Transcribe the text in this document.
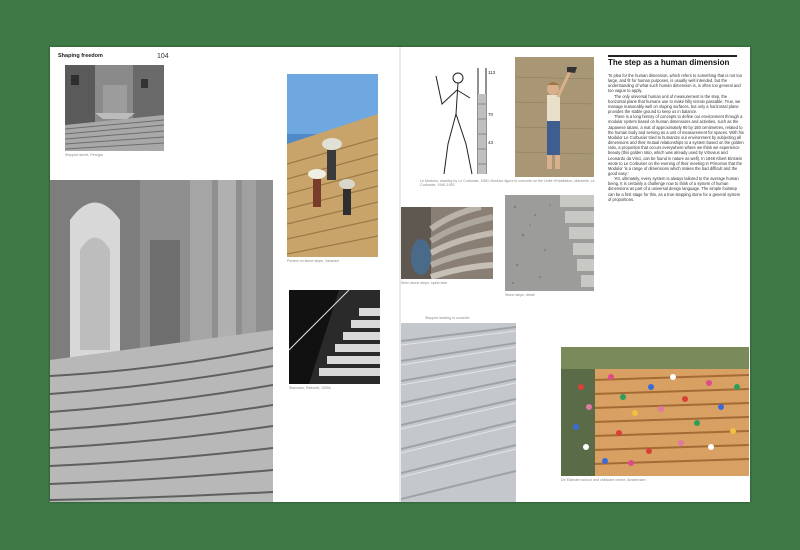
Shaping freedom	104
Stepped street, Perugia
Porters on stone steps, Varanasi
113
70
43
Le Modulor, drawing by Le Corbusier, 1950; Modulor figure in concrete on the Unité d'Habitation, Marseille, Le Corbusier, 1946-1952
Worn stone steps, spiral stair
Stone steps, detail
Staircase, Rietveld, 1930s
Stepped seating in concrete
De Eilanden school and childcare centre, Amsterdam
The step as a human dimension

To plea for the human dimension, which refers to something that is not too large, and fit for human purposes, is usually well intended, but the understanding of what such human dimension is, is often too general and too vague to apply.

The only universal human unit of measurement is the step, the horizontal plane that humans use to make hilly terrain passable. True, we manage reasonably well on sloping surfaces, but only a horizontal plane provides the stable ground to keep us in balance.

There is a long history of concepts to define our environment through a modular system based on human dimensions and activities, such as the Japanese tatami, a mat of approximately 90 by 180 centimetres, related to the human body and serving as a unit of measurement for spaces. With his Modulor Le Corbusier tried to humanize our environment by subjecting all dimensions and their mutual relationships to a system based on the golden ratio, a proportion that occurs everywhere where we think we experience beauty (this golden ratio, which was already used by Vitruvius and Leonardo da Vinci, can be found in nature as well). In 1948 Albert Einstein wrote to Le Corbusier on the evening of their meeting in Princeton that the Modulor 'is a range of dimensions which makes the bad difficult and the good easy.'

Yet, ultimately, every system is always tailored to the average human being. It is certainly a challenge now to think of a system of human dimensions as part of a universal design language. The simple footstep can be a first stage for this, as a true stepping stone for a general system of proportions.
